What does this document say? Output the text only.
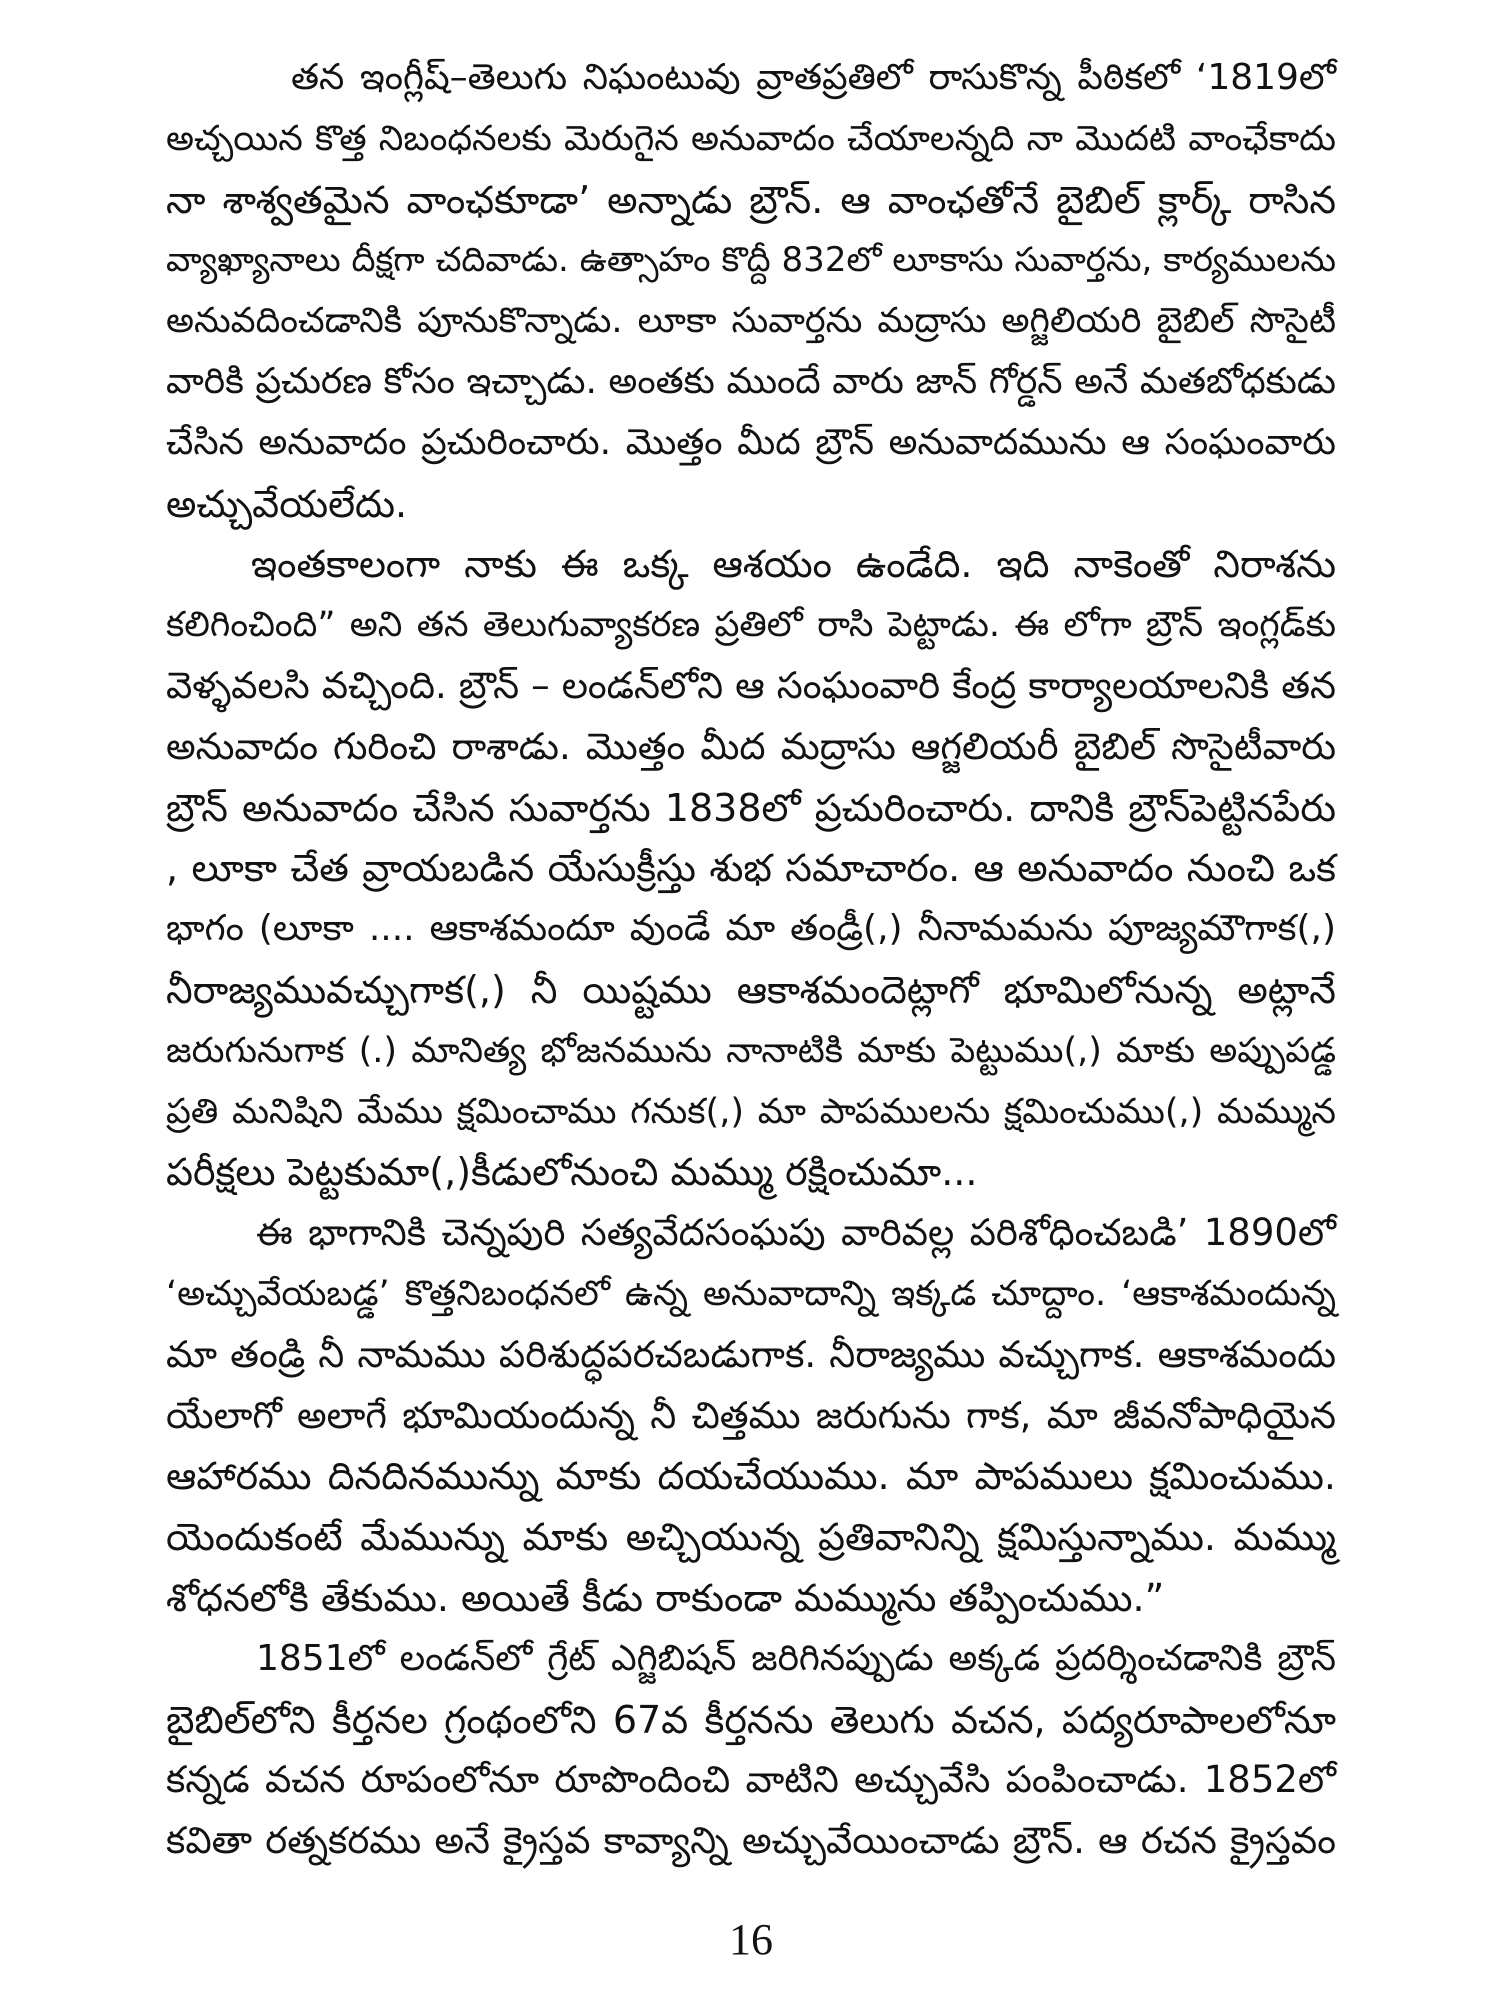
తన ఇంగ్లీష్–తెలుగు నిఘంటువు వ్రాతప్రతిలో రాసుకొన్న పీఠికలో ‘1819లో
అచ్చయిన కొత్త నిబంధనలకు మెరుగైన అనువాదం చేయాలన్నది నా మొదటి వాంఛేకాదు
నా శాశ్వతమైన వాంఛకూడా’ అన్నాడు బ్రౌన్. ఆ వాంఛతోనే బైబిల్ క్లార్క్ రాసిన
వ్యాఖ్యానాలు దీక్షగా చదివాడు. ఉత్సాహం కొద్దీ 832లో లూకాసు సువార్తను, కార్యములను
అనువదించడానికి పూనుకొన్నాడు. లూకా సువార్తను మద్రాసు అగ్జిలియరి బైబిల్ సొసైటీ
వారికి ప్రచురణ కోసం ఇచ్చాడు. అంతకు ముందే వారు జాన్ గోర్డన్ అనే మతబోధకుడు
చేసిన అనువాదం ప్రచురించారు. మొత్తం మీద బ్రౌన్ అనువాదమును ఆ సంఘంవారు
అచ్చువేయలేదు.
ఇంతకాలంగా నాకు ఈ ఒక్క ఆశయం ఉండేది. ఇది నాకెంతో నిరాశను
కలిగించింది” అని తన తెలుగువ్యాకరణ ప్రతిలో రాసి పెట్టాడు. ఈ లోగా బ్రౌన్ ఇంగ్లడ్‌కు
వెళ్ళవలసి వచ్చింది. బ్రౌన్ – లండన్‌లోని ఆ సంఘంవారి కేంద్ర కార్యాలయాలనికి తన
అనువాదం గురించి రాశాడు. మొత్తం మీద మద్రాసు ఆగ్జలియరీ బైబిల్ సొసైటీవారు
బ్రౌన్ అనువాదం చేసిన సువార్తను 1838లో ప్రచురించారు. దానికి బ్రౌన్‌పెట్టినపేరు
, లూకా చేత వ్రాయబడిన యేసుక్రీస్తు శుభ సమాచారం. ఆ అనువాదం నుంచి ఒక
భాగం (లూకా .... ఆకాశమందూ వుండే మా తండ్రీ(,) నీనామమను పూజ్యమౌగాక(,)
నీరాజ్యమువచ్చుగాక(,) నీ యిష్టము ఆకాశమందెట్లాగో భూమిలోనున్న అట్లానే
జరుగునుగాక (.) మానిత్య భోజనమును నానాటికి మాకు పెట్టుము(,) మాకు అప్పుపడ్డ
ప్రతి మనిషిని మేము క్షమించాము గనుక(,) మా పాపములను క్షమించుము(,) మమ్మున
పరీక్షలు పెట్టకుమా(,)కీడులోనుంచి మమ్ము రక్షించుమా...
ఈ భాగానికి చెన్నపురి సత్యవేదసంఘపు వారివల్ల పరిశోధించబడి’ 1890లో
‘అచ్చువేయబడ్డ’ కొత్తనిబంధనలో ఉన్న అనువాదాన్ని ఇక్కడ చూద్దాం. ‘ఆకాశమందున్న
మా తండ్రి నీ నామము పరిశుద్ధపరచబడుగాక. నీరాజ్యము వచ్చుగాక. ఆకాశమందు
యేలాగో అలాగే భూమియందున్న నీ చిత్తము జరుగును గాక, మా జీవనోపాధియైన
ఆహారము దినదినమున్ను మాకు దయచేయుము. మా పాపములు క్షమించుము.
యెందుకంటే మేమున్ను మాకు అచ్చియున్న ప్రతివానిన్ని క్షమిస్తున్నాము. మమ్ము
శోధనలోకి తేకుము. అయితే కీడు రాకుండా మమ్మును తప్పించుము.”
1851లో లండన్‌లో గ్రేట్ ఎగ్జిబిషన్ జరిగినప్పుడు అక్కడ ప్రదర్శించడానికి బ్రౌన్
బైబిల్‌లోని కీర్తనల గ్రంథంలోని 67వ కీర్తనను తెలుగు వచన, పద్యరూపాలలోనూ
కన్నడ వచన రూపంలోనూ రూపొందించి వాటిని అచ్చువేసి పంపించాడు. 1852లో
కవితా రత్నకరము అనే క్రైస్తవ కావ్యాన్ని అచ్చువేయించాడు బ్రౌన్. ఆ రచన క్రైస్తవం
16
